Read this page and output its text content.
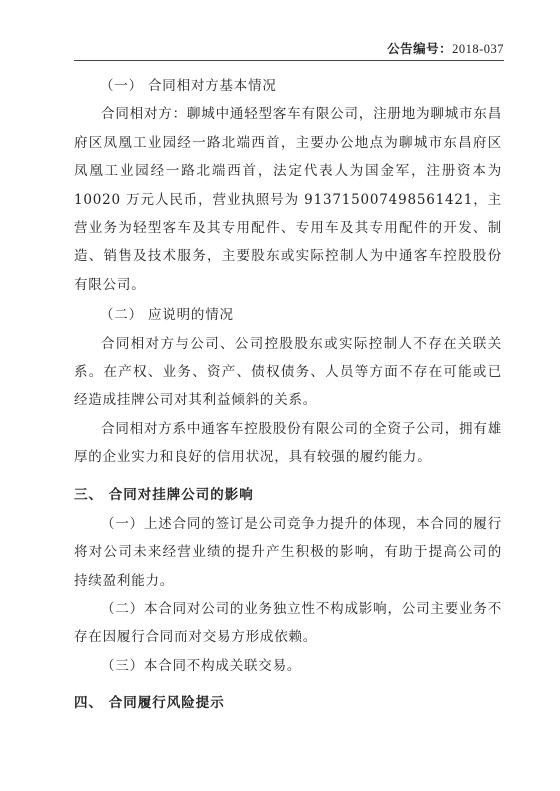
公告编号：2018-037

（一） 合同相对方基本情况

合同相对方：聊城中通轻型客车有限公司，注册地为聊城市东昌府区凤凰工业园经一路北端西首，主要办公地点为聊城市东昌府区凤凰工业园经一路北端西首，法定代表人为国金军，注册资本为 10020 万元人民币，营业执照号为 913715007498561421，主营业务为轻型客车及其专用配件、专用车及其专用配件的开发、制造、销售及技术服务，主要股东或实际控制人为中通客车控股股份有限公司。

（二） 应说明的情况

合同相对方与公司、公司控股股东或实际控制人不存在关联关系。在产权、业务、资产、债权债务、人员等方面不存在可能或已经造成挂牌公司对其利益倾斜的关系。

合同相对方系中通客车控股股份有限公司的全资子公司，拥有雄厚的企业实力和良好的信用状况，具有较强的履约能力。

三、 合同对挂牌公司的影响

（一）上述合同的签订是公司竞争力提升的体现，本合同的履行将对公司未来经营业绩的提升产生积极的影响，有助于提高公司的持续盈利能力。

（二）本合同对公司的业务独立性不构成影响，公司主要业务不存在因履行合同而对交易方形成依赖。

（三）本合同不构成关联交易。

四、 合同履行风险提示
